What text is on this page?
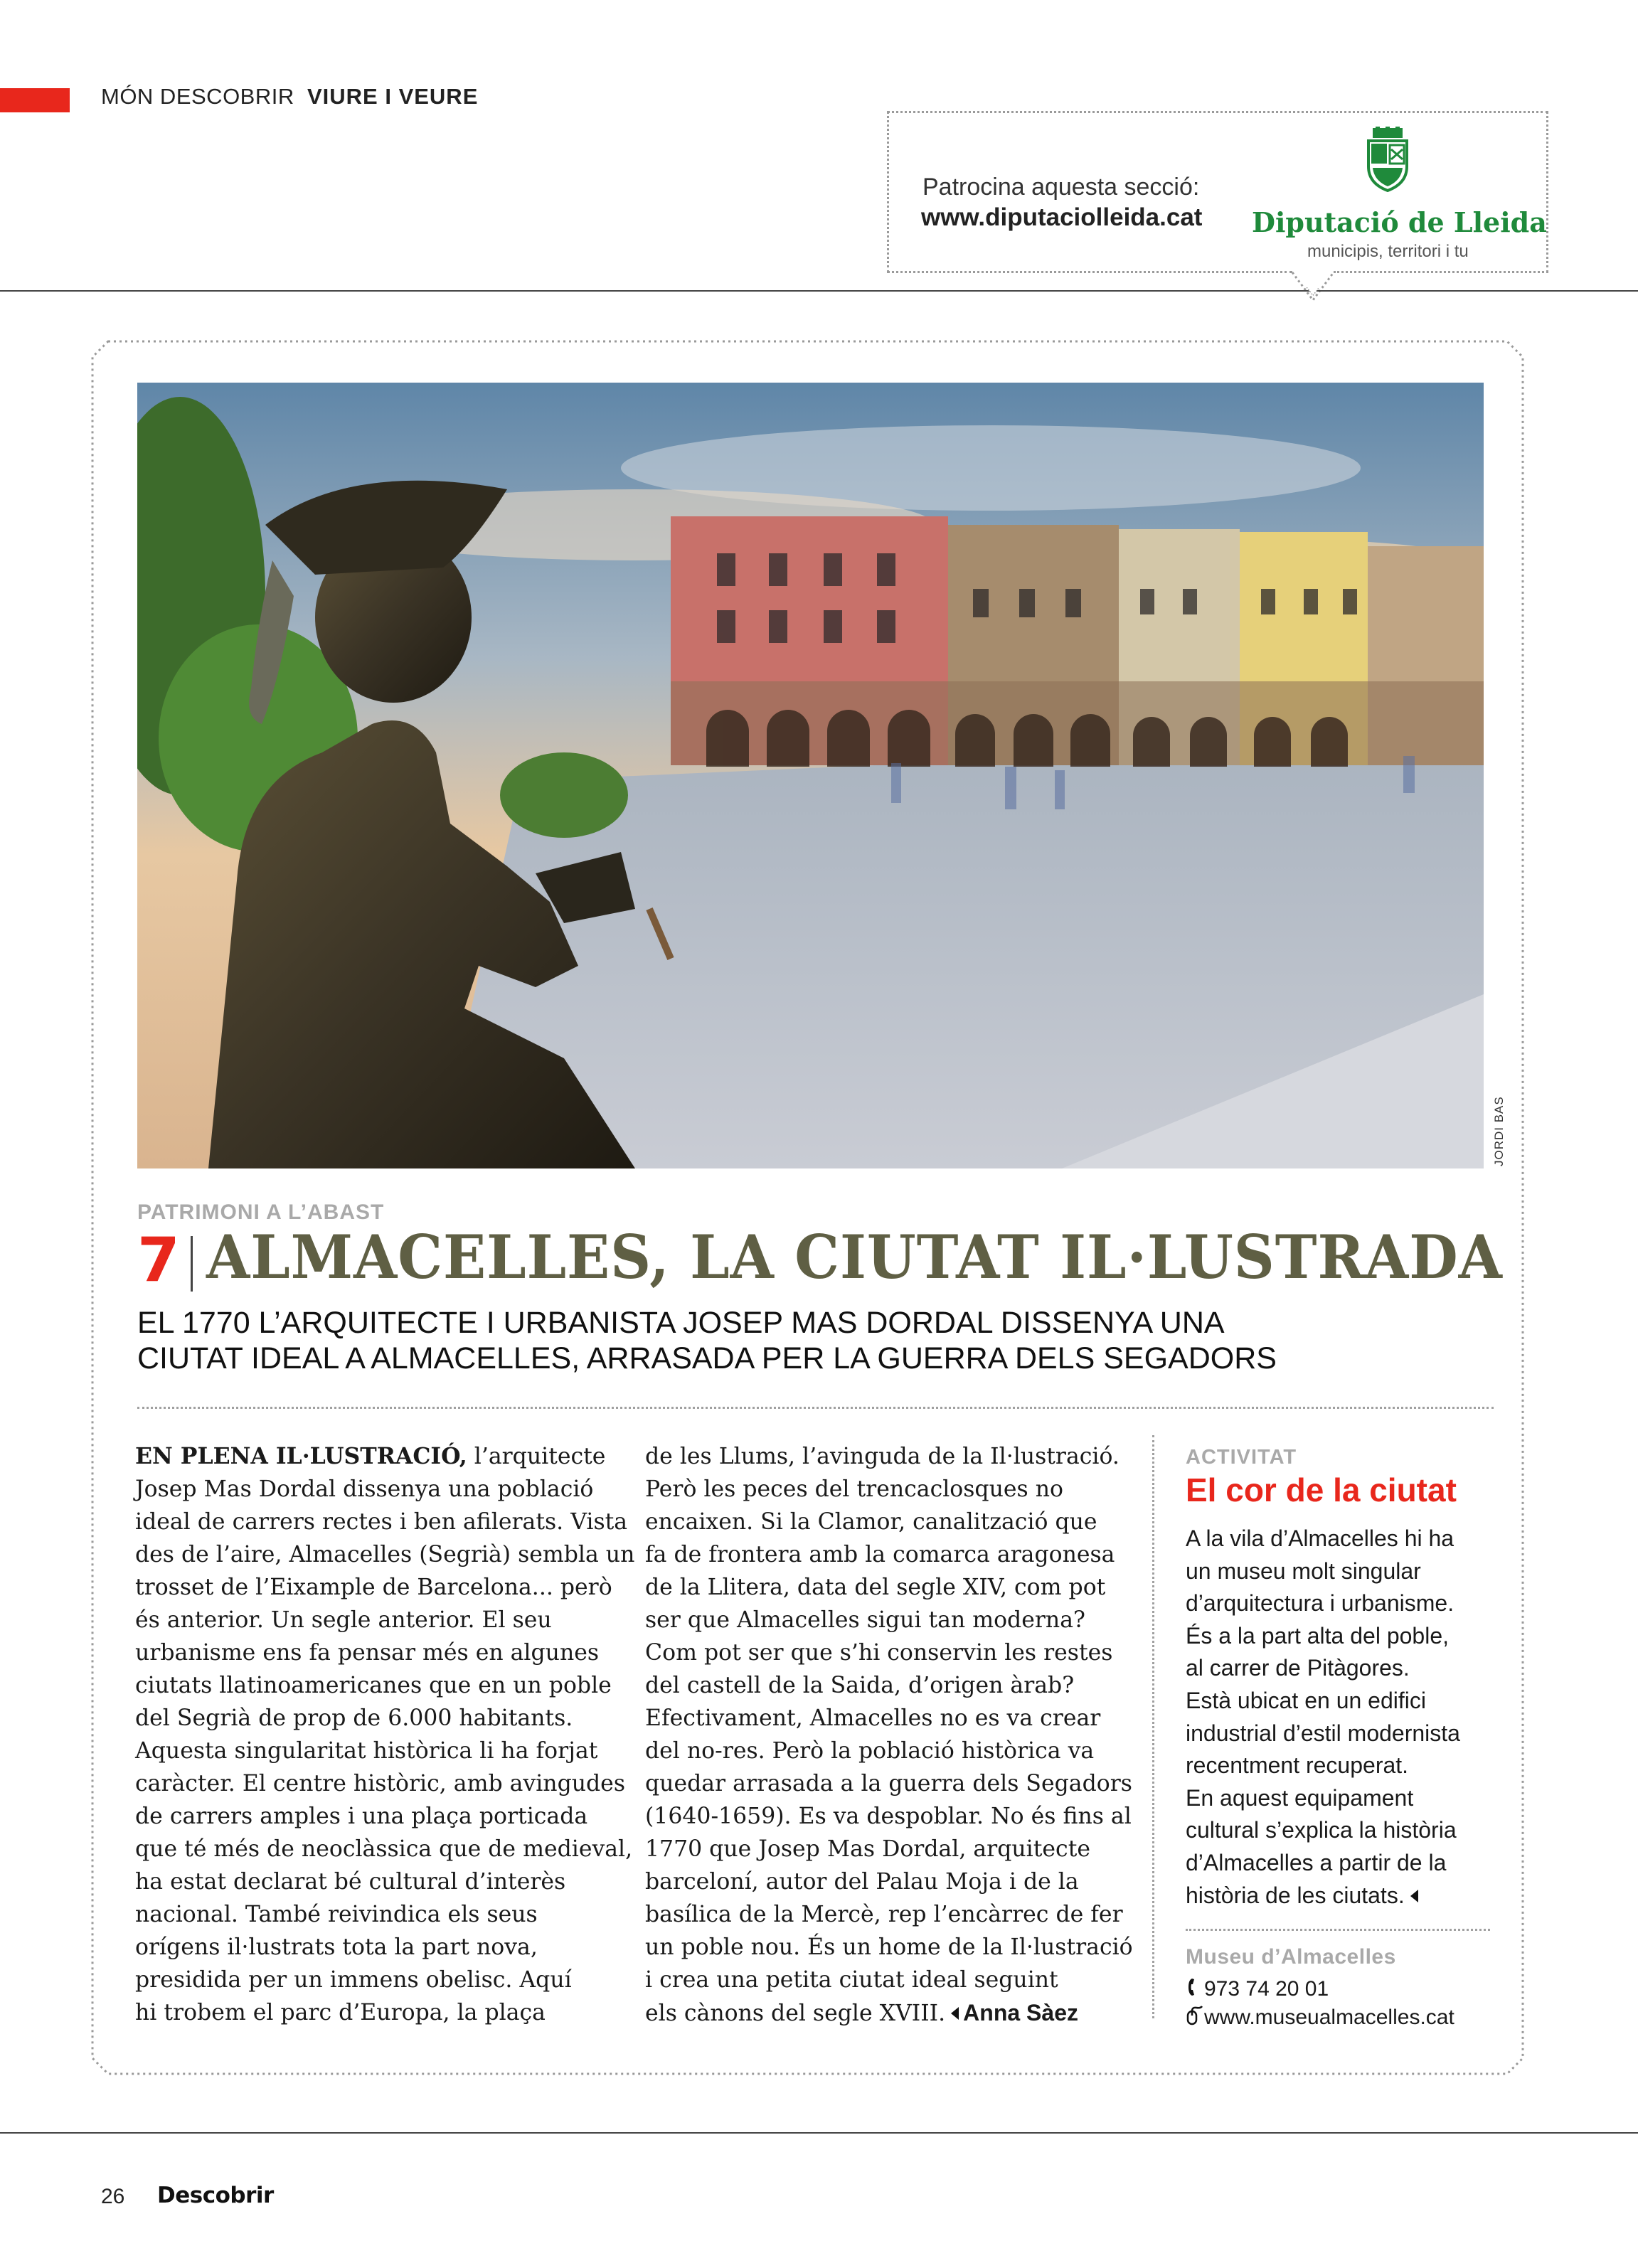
MÓN DESCOBRIR VIURE I VEURE
Patrocina aquesta secció:
www.diputaciolleida.cat Diputació de Lleida
municipis, territori i tu
JORDI BAS
PATRIMONI A L’ABAST
7 ALMACELLES, LA CIUTAT IL·LUSTRADA
EL 1770 L’ARQUITECTE I URBANISTA JOSEP MAS DORDAL DISSENYA UNA
CIUTAT IDEAL A ALMACELLES, ARRASADA PER LA GUERRA DELS SEGADORS
EN PLENA IL·LUSTRACIÓ, l’arquitecte
Josep Mas Dordal dissenya una població
ideal de carrers rectes i ben afilerats. Vista
des de l’aire, Almacelles (Segrià) sembla un
trosset de l’Eixample de Barcelona... però
és anterior. Un segle anterior. El seu
urbanisme ens fa pensar més en algunes
ciutats llatinoamericanes que en un poble
del Segrià de prop de 6.000 habitants.
Aquesta singularitat històrica li ha forjat
caràcter. El centre històric, amb avingudes
de carrers amples i una plaça porticada
que té més de neoclàssica que de medieval,
ha estat declarat bé cultural d’interès
nacional. També reivindica els seus
orígens il·lustrats tota la part nova,
presidida per un immens obelisc. Aquí
hi trobem el parc d’Europa, la plaça
de les Llums, l’avinguda de la Il·lustració.
Però les peces del trencaclosques no
encaixen. Si la Clamor, canalització que
fa de frontera amb la comarca aragonesa
de la Llitera, data del segle XIV, com pot
ser que Almacelles sigui tan moderna?
Com pot ser que s’hi conservin les restes
del castell de la Saida, d’origen àrab?
Efectivament, Almacelles no es va crear
del no-res. Però la població històrica va
quedar arrasada a la guerra dels Segadors
(1640-1659). Es va despoblar. No és fins al
1770 que Josep Mas Dordal, arquitecte
barceloní, autor del Palau Moja i de la
basílica de la Mercè, rep l’encàrrec de fer
un poble nou. És un home de la Il·lustració
i crea una petita ciutat ideal seguint
els cànons del segle XVIII. Anna Sàez
ACTIVITAT
El cor de la ciutat
A la vila d’Almacelles hi ha
un museu molt singular
d’arquitectura i urbanisme.
És a la part alta del poble,
al carrer de Pitàgores.
Està ubicat en un edifici
industrial d’estil modernista
recentment recuperat.
En aquest equipament
cultural s’explica la història
d’Almacelles a partir de la
història de les ciutats.
Museu d’Almacelles
973 74 20 01
www.museualmacelles.cat
26 Descobrir
